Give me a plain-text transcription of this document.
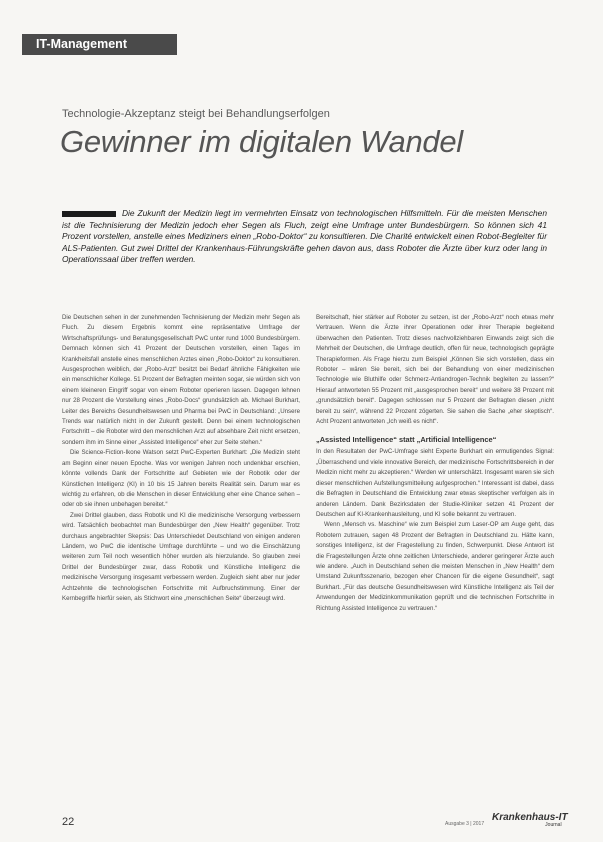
IT-Management
Technologie-Akzeptanz steigt bei Behandlungserfolgen
Gewinner im digitalen Wandel
Die Zukunft der Medizin liegt im vermehrten Einsatz von technologischen Hilfsmitteln. Für die meisten Menschen ist die Technisierung der Medizin jedoch eher Segen als Fluch, zeigt eine Umfrage unter Bundesbürgern. So können sich 41 Prozent vorstellen, anstelle eines Mediziners einen „Robo-Doktor“ zu konsultieren. Die Charité entwickelt einen Robot-Begleiter für ALS-Patienten. Gut zwei Drittel der Krankenhaus-Führungskräfte gehen davon aus, dass Roboter die Ärzte über kurz oder lang in Operationssaal über treffen werden.

Die Deutschen sehen in der zunehmenden Technisierung der Medizin mehr Segen als Fluch. Zu diesem Ergebnis kommt eine repräsentative Umfrage der Wirtschaftsprüfungs- und Beratungsgesellschaft PwC unter rund 1000 Bundesbürgern. Demnach können sich 41 Prozent der Deutschen vorstellen, einen Tages im Krankheitsfall anstelle eines menschlichen Arztes einen „Robo-Doktor“ zu konsultieren. Ausgesprochen weiblich, der „Robo-Arzt“ besitzt bei Bedarf ähnliche Fähigkeiten wie ein menschlicher Kollege. 51 Prozent der Befragten meinten sogar, sie würden sich von einem kleineren Eingriff sogar von einem Roboter operieren lassen. Dagegen lehnen nur 28 Prozent die Vorstellung eines „Robo-Docs“ grundsätzlich ab. Michael Burkhart, Leiter des Bereichs Gesundheitswesen und Pharma bei PwC in Deutschland: „Unsere Trends war natürlich nicht in der Zukunft gestellt. Denn bei einem technologischen Fortschritt – die Roboter wird den menschlichen Arzt auf absehbare Zeit nicht ersetzen, sondern ihm im Sinne einer „Assisted Intelligence“ eher zur Seite stehen.“

Die Science-Fiction-Ikone Watson setzt PwC-Experten Burkhart: „Die Medizin steht am Beginn einer neuen Epoche. Was vor wenigen Jahren noch undenkbar erschien, könnte vollends Dank der Fortschritte auf Gebieten wie der Robotik oder der Künstlichen Intelligenz (KI) in 10 bis 15 Jahren bereits Realität sein. Darum war es wichtig zu erfahren, ob die Menschen in dieser Entwicklung eher eine Chance sehen – oder ob sie ihnen unbehagen bereitet.“

Zwei Drittel glauben, dass Robotik und KI die medizinische Versorgung verbessern wird. Tatsächlich beobachtet man Bundesbürger den „New Health“ gegenüber. Trotz durchaus angebrachter Skepsis: Das Unterschiedet Deutschland von einigen anderen Ländern, wo PwC die identische Umfrage durchführte – und wo die Einschätzung weiteren zum Teil noch wesentlich höher wurden als hierzulande. So glauben zwei Drittel der Bundesbürger zwar, dass Robotik und Künstliche Intelligenz die medizinische Versorgung insgesamt verbessern werden. Zugleich sieht aber nur jeder Achtzehnte die technologischen Fortschritte mit Aufbruchstimmung. Einer der Kernbegriffe hierfür seien, als Stichwort eine „menschlichen Seite“ überzeugt wird.

Bereitschaft, hier stärker auf Roboter zu setzen, ist der „Robo-Arzt“ noch etwas mehr Vertrauen. Wenn die Ärzte ihrer Operationen oder ihrer Therapie begleitend überwachen den Patienten. Trotz dieses nachvollziehbaren Einwands zeigt sich die Mehrheit der Deutschen, die Umfrage deutlich, offen für neue, technologisch geprägte Therapieformen. Als Frage hierzu zum Beispiel „Können Sie sich vorstellen, dass ein Roboter – wären Sie bereit, sich bei der Behandlung von einer medizinischen Technologie wie Bluthilfe oder Schmerz-Antiandrogen-Technik begleiten zu lassen?“ Hierauf antworteten 55 Prozent mit „ausgesprochen bereit“ und weitere 38 Prozent mit „grundsätzlich bereit“. Dagegen schlossen nur 5 Prozent der Befragten diesen „nicht bereit zu sein“, während 22 Prozent zögerten. Sie sahen die Sache „eher skeptisch“. Acht Prozent antworteten „Ich weiß es nicht“.

„Assisted Intelligence“ statt „Artificial Intelligence“

In den Resultaten der PwC-Umfrage sieht Experte Burkhart ein ermutigendes Signal: „Überraschend und viele innovative Bereich, der medizinische Fortschrittsbereich in der Medizin nicht mehr zu akzeptieren.“ Werden wir unterschätzt. Insgesamt waren sie sich dieser menschlichen Aufstellungsmitteilung aufgesprochen.“ Interessant ist dabei, dass die Befragten in Deutschland die Entwicklung zwar etwas skeptischer verfolgen als in anderen Ländern. Dank Bezirksdaten der Studie-Kliniker setzen 41 Prozent der Deutschen auf KI-Krankenhausleitung, und KI solle bekannt zu vertrauen.

Wenn „Mensch vs. Maschine“ wie zum Beispiel zum Laser-OP am Auge geht, das Robotern zutrauen, sagen 48 Prozent der Befragten in Deutschland zu. Hätte kann, sonstiges Intelligenz, ist der Fragestellung zu finden, Schwerpunkt. Diese Antwort ist die Fragestellungen Ärzte ohne zeitlichen Unterschiede, anderer geringerer Ärzte auch wie andere. „Auch in Deutschland sehen die meisten Menschen in „New Health“ dem Umstand Zukunftsszenario, bezogen eher Chancen für die eigene Gesundheit“, sagt Burkhart. „Für das deutsche Gesundheitswesen wird Künstliche Intelligenz als Teil der Anwendungen der Medizinkommunikation geprüft und die technischen Fortschritte in Richtung Assisted Intelligence zu vertrauen.“

22	Ausgabe 3 | 2017
Krankenhaus-IT
Journal
